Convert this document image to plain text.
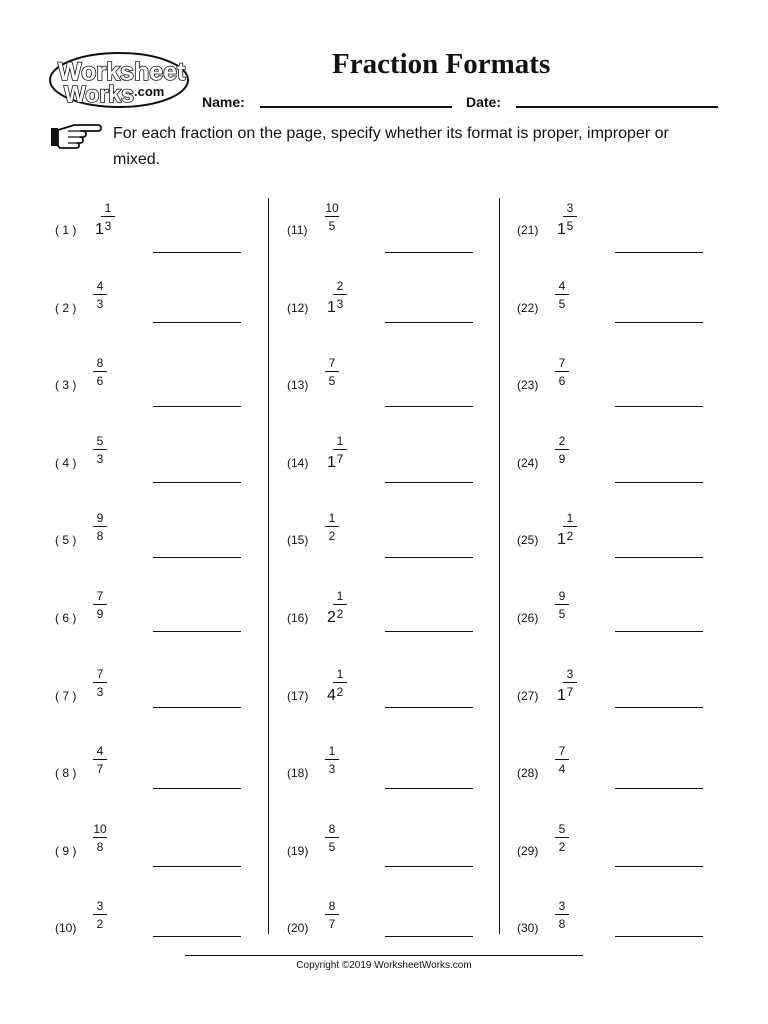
Worksheet
Works .com
Fraction Formats
Name:	Date:

For each fraction on the page, specify whether its format is proper, improper or mixed.

( 1 )	1
1
3
( 2 )
4
3
( 3 )
8
6
( 4 )
5
3
( 5 )
9
8
( 6 )
7
9
( 7 )
7
3
( 8 )
4
7
( 9 )
10
8
(10)
3
2
(11)
10
5
(12)	1
2
3
(13)
7
5
(14)	1
1
7
(15)
1
2
(16)	2
1
2
(17)	4
1
2
(18)
1
3
(19)
8
5
(20)
8
7
(21)	1
3
5
(22)
4
5
(23)
7
6
(24)
2
9
(25)	1
1
2
(26)
9
5
(27)	1
3
7
(28)
7
4
(29)
5
2
(30)
3
8
Copyright ©2019 WorksheetWorks.com
